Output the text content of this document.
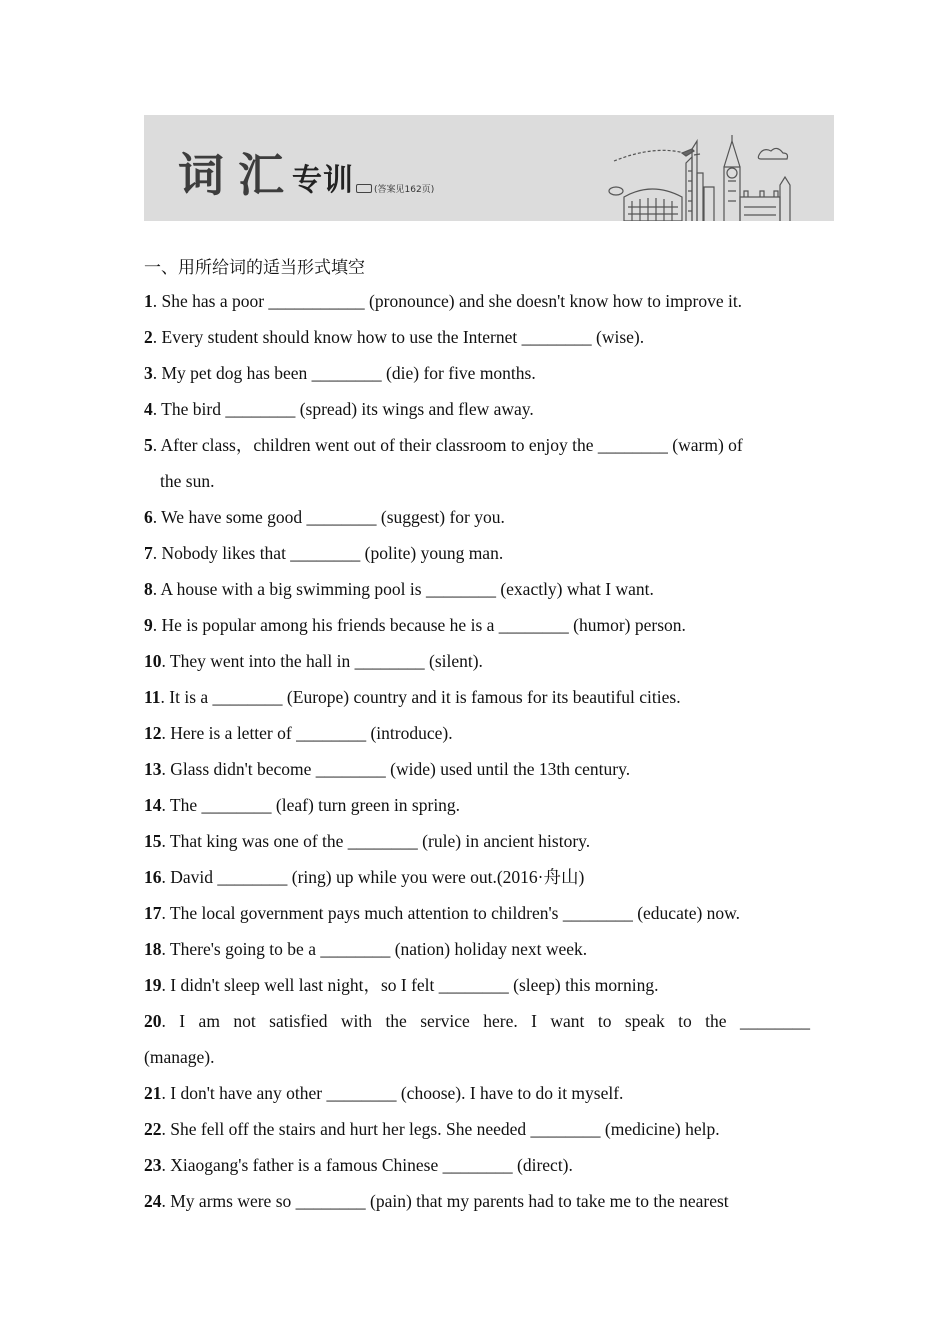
词汇
专训 (答案见162页)
一、用所给词的适当形式填空
1. She has a poor ___________ (pronounce) and she doesn't know how to improve it.
2. Every student should know how to use the Internet ________ (wise).
3. My pet dog has been ________ (die) for five months.
4. The bird ________ (spread) its wings and flew away.
5. After class，children went out of their classroom to enjoy the ________ (warm) of
the sun.
6. We have some good ________ (suggest) for you.
7. Nobody likes that ________ (polite) young man.
8. A house with a big swimming pool is ________ (exactly) what I want.
9. He is popular among his friends because he is a ________ (humor) person.
10. They went into the hall in ________ (silent).
11. It is a ________ (Europe) country and it is famous for its beautiful cities.
12. Here is a letter of ________ (introduce).
13. Glass didn't become ________ (wide) used until the 13th century.
14. The ________ (leaf) turn green in spring.
15. That king was one of the ________ (rule) in ancient history.
16. David ________ (ring) up while you were out.(2016·舟山)
17. The local government pays much attention to children's ________ (educate) now.
18. There's going to be a ________ (nation) holiday next week.
19. I didn't sleep well last night，so I felt ________ (sleep) this morning.
20. I am not satisfied with the service here. I want to speak to the ________
(manage).
21. I don't have any other ________ (choose). I have to do it myself.
22. She fell off the stairs and hurt her legs. She needed ________ (medicine) help.
23. Xiaogang's father is a famous Chinese ________ (direct).
24. My arms were so ________ (pain) that my parents had to take me to the nearest
